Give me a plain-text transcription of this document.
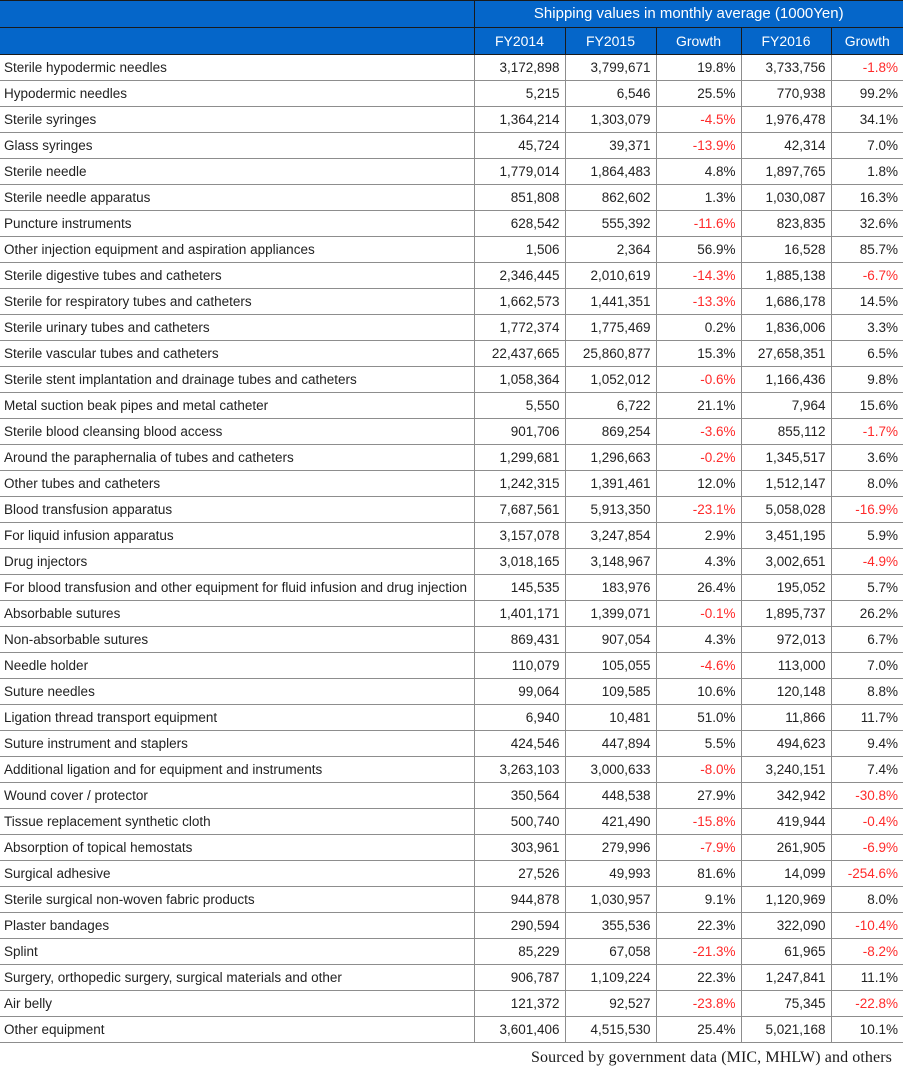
	Shipping values in monthly average (1000Yen)				
	FY2014	FY2015	Growth	FY2016	Growth
Sterile hypodermic needles	3,172,898	3,799,671	19.8%	3,733,756	-1.8%
Hypodermic needles	5,215	6,546	25.5%	770,938	99.2%
Sterile syringes	1,364,214	1,303,079	-4.5%	1,976,478	34.1%
Glass syringes	45,724	39,371	-13.9%	42,314	7.0%
Sterile needle	1,779,014	1,864,483	4.8%	1,897,765	1.8%
Sterile needle apparatus	851,808	862,602	1.3%	1,030,087	16.3%
Puncture instruments	628,542	555,392	-11.6%	823,835	32.6%
Other injection equipment and aspiration appliances	1,506	2,364	56.9%	16,528	85.7%
Sterile digestive tubes and catheters	2,346,445	2,010,619	-14.3%	1,885,138	-6.7%
Sterile for respiratory tubes and catheters	1,662,573	1,441,351	-13.3%	1,686,178	14.5%
Sterile urinary tubes and catheters	1,772,374	1,775,469	0.2%	1,836,006	3.3%
Sterile vascular tubes and catheters	22,437,665	25,860,877	15.3%	27,658,351	6.5%
Sterile stent implantation and drainage tubes and catheters	1,058,364	1,052,012	-0.6%	1,166,436	9.8%
Metal suction beak pipes and metal catheter	5,550	6,722	21.1%	7,964	15.6%
Sterile blood cleansing blood access	901,706	869,254	-3.6%	855,112	-1.7%
Around the paraphernalia of tubes and catheters	1,299,681	1,296,663	-0.2%	1,345,517	3.6%
Other tubes and catheters	1,242,315	1,391,461	12.0%	1,512,147	8.0%
Blood transfusion apparatus	7,687,561	5,913,350	-23.1%	5,058,028	-16.9%
For liquid infusion apparatus	3,157,078	3,247,854	2.9%	3,451,195	5.9%
Drug injectors	3,018,165	3,148,967	4.3%	3,002,651	-4.9%
For blood transfusion and other equipment for fluid infusion and drug injection	145,535	183,976	26.4%	195,052	5.7%
Absorbable sutures	1,401,171	1,399,071	-0.1%	1,895,737	26.2%
Non-absorbable sutures	869,431	907,054	4.3%	972,013	6.7%
Needle holder	110,079	105,055	-4.6%	113,000	7.0%
Suture needles	99,064	109,585	10.6%	120,148	8.8%
Ligation thread transport equipment	6,940	10,481	51.0%	11,866	11.7%
Suture instrument and staplers	424,546	447,894	5.5%	494,623	9.4%
Additional ligation and for equipment and instruments	3,263,103	3,000,633	-8.0%	3,240,151	7.4%
Wound cover / protector	350,564	448,538	27.9%	342,942	-30.8%
Tissue replacement synthetic cloth	500,740	421,490	-15.8%	419,944	-0.4%
Absorption of topical hemostats	303,961	279,996	-7.9%	261,905	-6.9%
Surgical adhesive	27,526	49,993	81.6%	14,099	-254.6%
Sterile surgical non-woven fabric products	944,878	1,030,957	9.1%	1,120,969	8.0%
Plaster bandages	290,594	355,536	22.3%	322,090	-10.4%
Splint	85,229	67,058	-21.3%	61,965	-8.2%
Surgery, orthopedic surgery, surgical materials and other	906,787	1,109,224	22.3%	1,247,841	11.1%
Air belly	121,372	92,527	-23.8%	75,345	-22.8%
Other equipment	3,601,406	4,515,530	25.4%	5,021,168	10.1%
Sourced by government data (MIC, MHLW) and others
